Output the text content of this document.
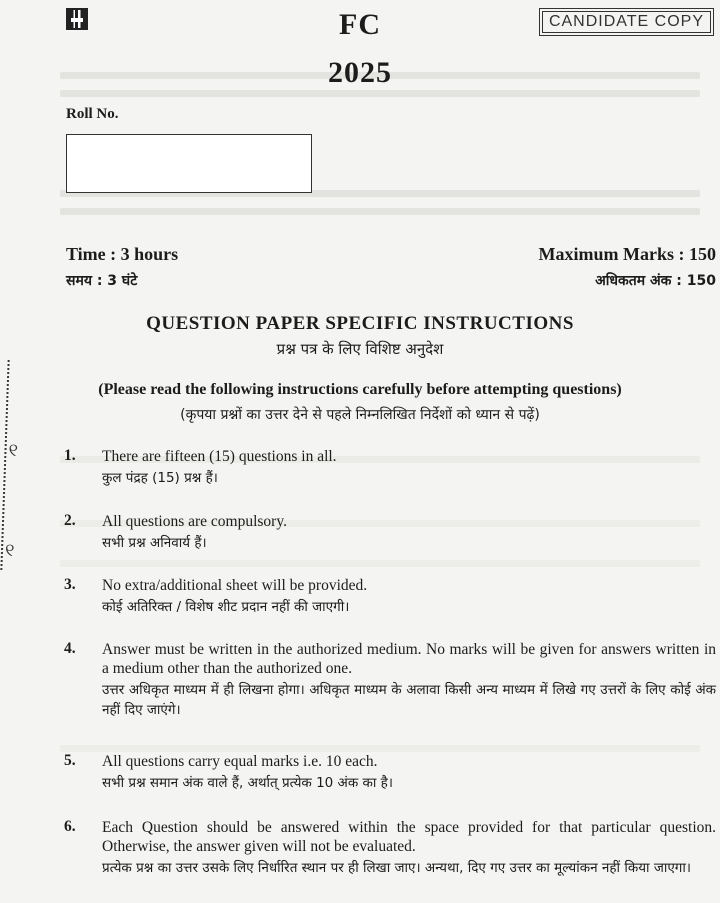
FC
2025
CANDIDATE COPY
Roll No.
Time : 3 hours	Maximum Marks : 150
समय : 3 घंटे	अधिकतम अंक : 150
QUESTION PAPER SPECIFIC INSTRUCTIONS
प्रश्न पत्र के लिए विशिष्ट अनुदेश
(Please read the following instructions carefully before attempting questions)
(कृपया प्रश्नों का उत्तर देने से पहले निम्नलिखित निर्देशों को ध्यान से पढ़ें)
୧ ୧
1.	There are fifteen (15) questions in all.
कुल पंद्रह (15) प्रश्न हैं।
2.	All questions are compulsory.
सभी प्रश्न अनिवार्य हैं।
3.	No extra/additional sheet will be provided.
कोई अतिरिक्त / विशेष शीट प्रदान नहीं की जाएगी।
4.	Answer must be written in the authorized medium. No marks will be given for answers written in a medium other than the authorized one.
उत्तर अधिकृत माध्यम में ही लिखना होगा। अधिकृत माध्यम के अलावा किसी अन्य माध्यम में लिखे गए उत्तरों के लिए कोई अंक नहीं दिए जाएंगे।
5.	All questions carry equal marks i.e. 10 each.
सभी प्रश्न समान अंक वाले हैं, अर्थात् प्रत्येक 10 अंक का है।
6.	Each Question should be answered within the space provided for that particular question. Otherwise, the answer given will not be evaluated.
प्रत्येक प्रश्न का उत्तर उसके लिए निर्धारित स्थान पर ही लिखा जाए। अन्यथा, दिए गए उत्तर का मूल्यांकन नहीं किया जाएगा।
